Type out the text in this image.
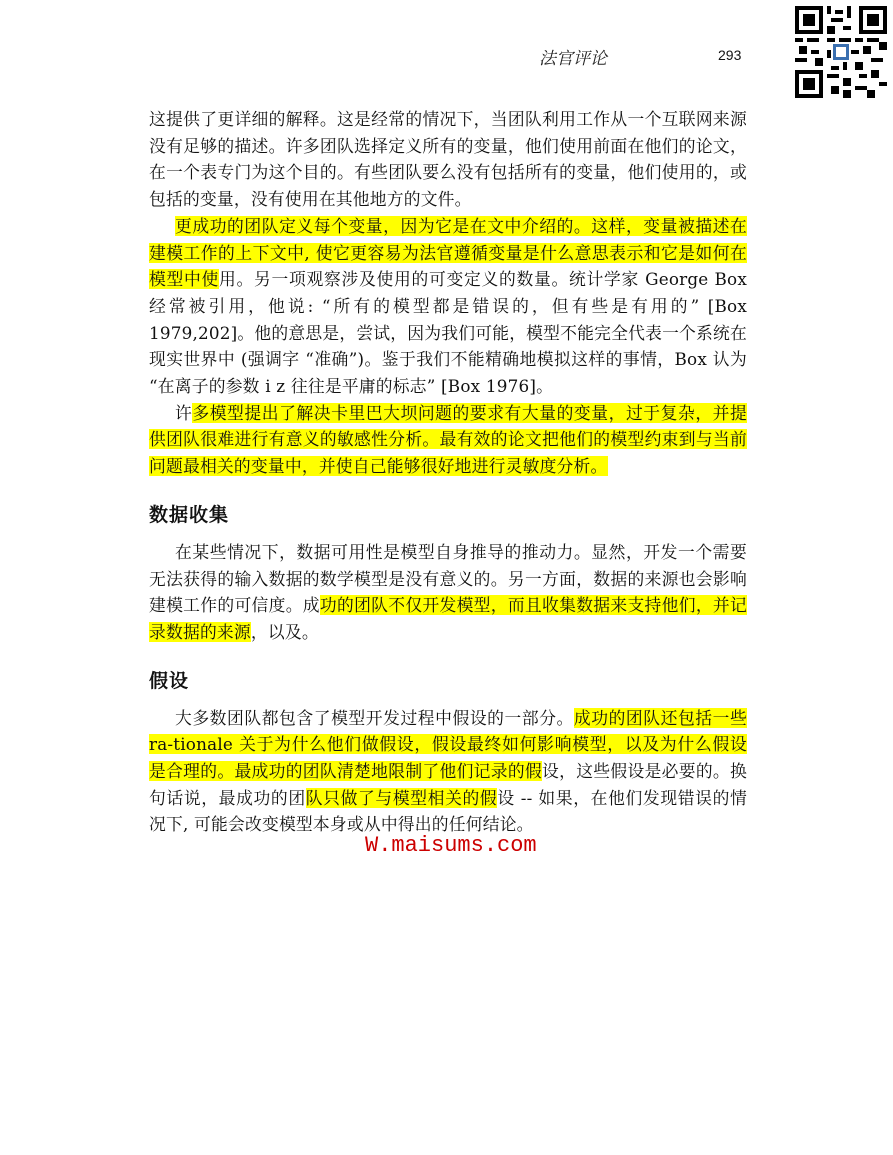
法官评论	293

这提供了更详细的解释。这是经常的情况下，当团队利用工作从一个互联网来源没有足够的描述。许多团队选择定义所有的变量，他们使用前面在他们的论文，在一个表专门为这个目的。有些团队要么没有包括所有的变量，他们使用的，或包括的变量，没有使用在其他地方的文件。

更成功的团队定义每个变量，因为它是在文中介绍的。这样，变量被描述在建模工作的上下文中, 使它更容易为法官遵循变量是什么意思表示和它是如何在模型中使用。另一项观察涉及使用的可变定义的数量。统计学家 George Box 经常被引用，他说: “所有的模型都是错误的，但有些是有用的” [Box 1979,202]。他的意思是，尝试，因为我们可能，模型不能完全代表一个系统在现实世界中 (强调字 “准确”)。鉴于我们不能精确地模拟这样的事情，Box 认为 “在离子的参数 i z 往往是平庸的标志” [Box 1976]。

许多模型提出了解决卡里巴大坝问题的要求有大量的变量，过于复杂，并提供团队很难进行有意义的敏感性分析。最有效的论文把他们的模型约束到与当前问题最相关的变量中，并使自己能够很好地进行灵敏度分析。

数据收集

在某些情况下，数据可用性是模型自身推导的推动力。显然，开发一个需要无法获得的输入数据的数学模型是没有意义的。另一方面，数据的来源也会影响建模工作的可信度。成功的团队不仅开发模型，而且收集数据来支持他们，并记录数据的来源，以及。

假设

大多数团队都包含了模型开发过程中假设的一部分。成功的团队还包括一些 ra-tionale 关于为什么他们做假设，假设最终如何影响模型，以及为什么假设是合理的。最成功的团队清楚地限制了他们记录的假设，这些假设是必要的。换句话说，最成功的团队只做了与模型相关的假设 -- 如果，在他们发现错误的情况下, 可能会改变模型本身或从中得出的任何结论。

W.maisums.com
